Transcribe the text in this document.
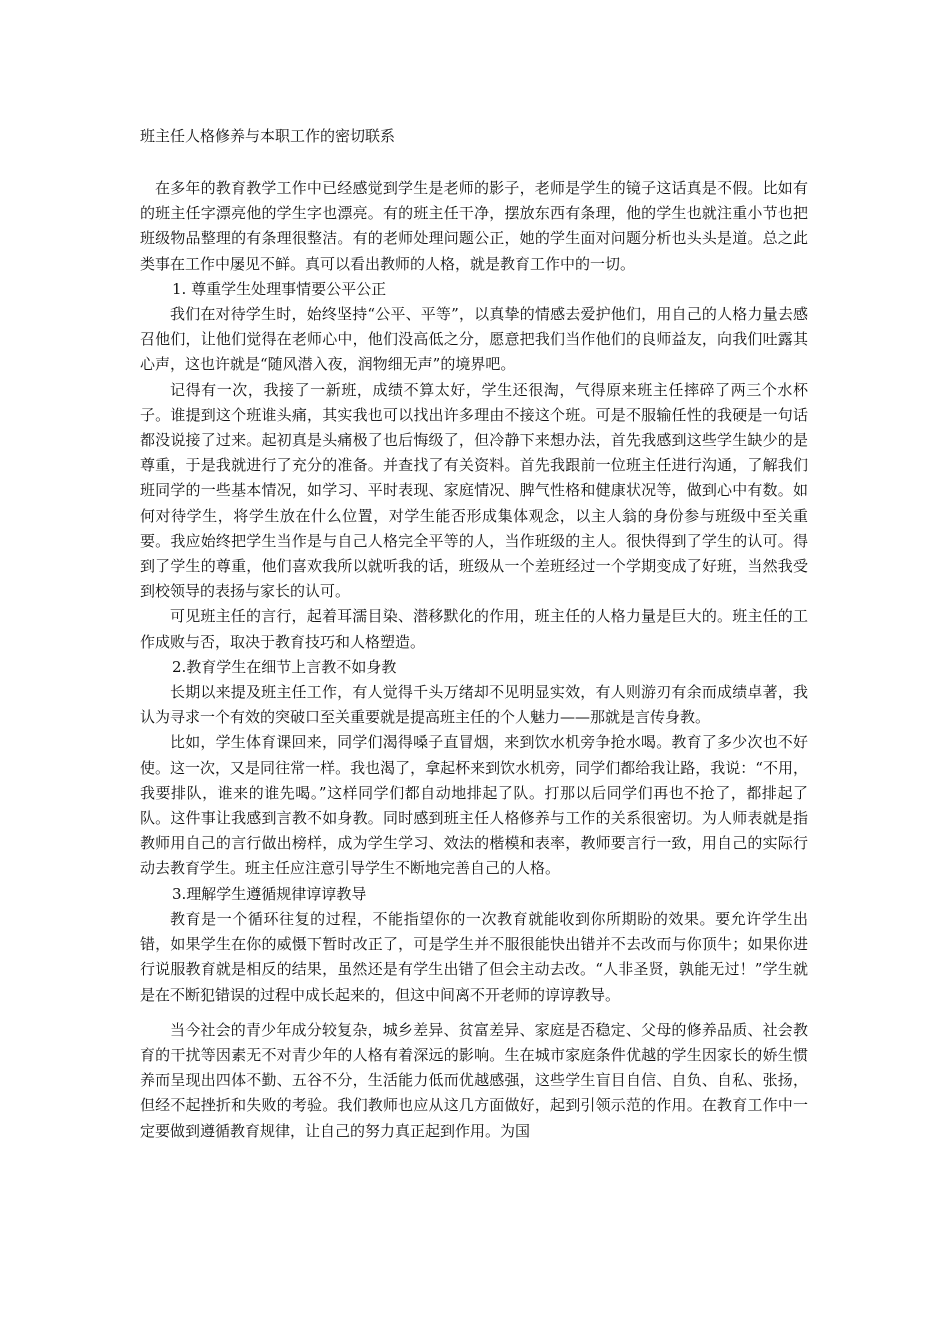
班主任人格修养与本职工作的密切联系

在多年的教育教学工作中已经感觉到学生是老师的影子，老师是学生的镜子这话真是不假。比如有的班主任字漂亮他的学生字也漂亮。有的班主任干净，摆放东西有条理，他的学生也就注重小节也把班级物品整理的有条理很整洁。有的老师处理问题公正，她的学生面对问题分析也头头是道。总之此类事在工作中屡见不鲜。真可以看出教师的人格，就是教育工作中的一切。

1. 尊重学生处理事情要公平公正

我们在对待学生时，始终坚持“公平、平等”，以真挚的情感去爱护他们，用自己的人格力量去感召他们，让他们觉得在老师心中，他们没高低之分，愿意把我们当作他们的良师益友，向我们吐露其心声，这也许就是“随风潜入夜，润物细无声”的境界吧。

记得有一次，我接了一新班，成绩不算太好，学生还很淘，气得原来班主任摔碎了两三个水杯子。谁提到这个班谁头痛，其实我也可以找出许多理由不接这个班。可是不服输任性的我硬是一句话都没说接了过来。起初真是头痛极了也后悔级了，但冷静下来想办法，首先我感到这些学生缺少的是尊重，于是我就进行了充分的准备。并查找了有关资料。首先我跟前一位班主任进行沟通，了解我们班同学的一些基本情况，如学习、平时表现、家庭情况、脾气性格和健康状况等，做到心中有数。如何对待学生，将学生放在什么位置，对学生能否形成集体观念，以主人翁的身份参与班级中至关重要。我应始终把学生当作是与自己人格完全平等的人，当作班级的主人。很快得到了学生的认可。得到了学生的尊重，他们喜欢我所以就听我的话，班级从一个差班经过一个学期变成了好班，当然我受到校领导的表扬与家长的认可。

可见班主任的言行，起着耳濡目染、潜移默化的作用，班主任的人格力量是巨大的。班主任的工作成败与否，取决于教育技巧和人格塑造。

2.教育学生在细节上言教不如身教

长期以来提及班主任工作，有人觉得千头万绪却不见明显实效，有人则游刃有余而成绩卓著，我认为寻求一个有效的突破口至关重要就是提高班主任的个人魅力——那就是言传身教。

比如，学生体育课回来，同学们渴得嗓子直冒烟，来到饮水机旁争抢水喝。教育了多少次也不好使。这一次，又是同往常一样。我也渴了，拿起杯来到饮水机旁，同学们都给我让路，我说：“不用，我要排队，谁来的谁先喝。”这样同学们都自动地排起了队。打那以后同学们再也不抢了，都排起了队。这件事让我感到言教不如身教。同时感到班主任人格修养与工作的关系很密切。为人师表就是指教师用自己的言行做出榜样，成为学生学习、效法的楷模和表率，教师要言行一致，用自己的实际行动去教育学生。班主任应注意引导学生不断地完善自己的人格。

3.理解学生遵循规律谆谆教导

教育是一个循环往复的过程，不能指望你的一次教育就能收到你所期盼的效果。要允许学生出错，如果学生在你的威慑下暂时改正了，可是学生并不服很能快出错并不去改而与你顶牛；如果你进行说服教育就是相反的结果，虽然还是有学生出错了但会主动去改。“人非圣贤，孰能无过！”学生就是在不断犯错误的过程中成长起来的，但这中间离不开老师的谆谆教导。

当今社会的青少年成分较复杂，城乡差异、贫富差异、家庭是否稳定、父母的修养品质、社会教育的干扰等因素无不对青少年的人格有着深远的影响。生在城市家庭条件优越的学生因家长的娇生惯养而呈现出四体不勤、五谷不分，生活能力低而优越感强，这些学生盲目自信、自负、自私、张扬，但经不起挫折和失败的考验。我们教师也应从这几方面做好，起到引领示范的作用。在教育工作中一定要做到遵循教育规律，让自己的努力真正起到作用。为国
